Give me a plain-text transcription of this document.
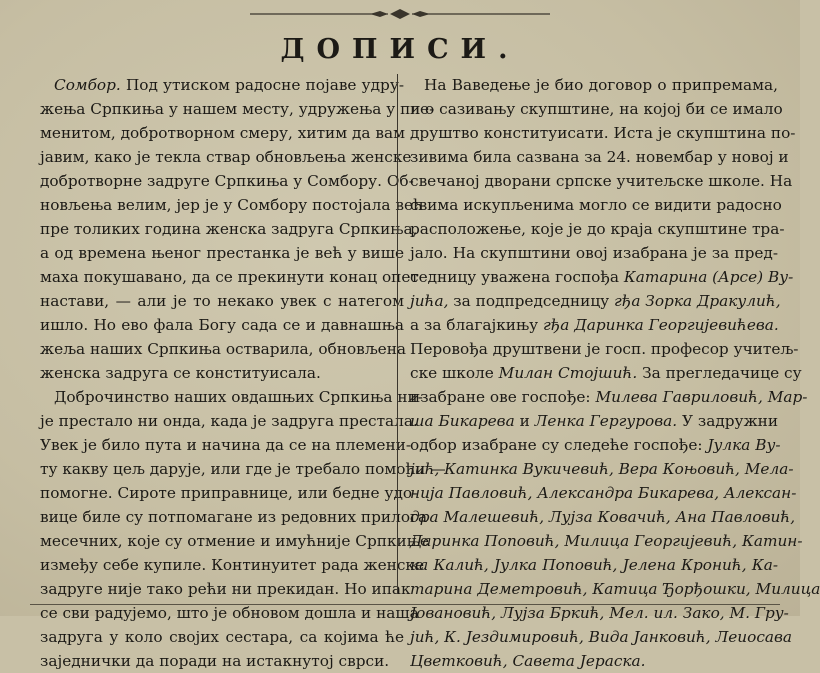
ДОПИСИ.
Сомбор. Под утиском радосне појаве удру-
жења Српкиња у нашем месту, удружења у пле-
менитом, добротворном смеру, хитим да вам
јавим, како је текла ствар обновљења женске
добротворне задруге Српкиња у Сомбору. Об-
новљења велим, јер је у Сомбору постојала већ
пре толиких година женска задруга Српкиња,
а од времена њеног престанка је већ у више
маха покушавано, да се прекинути конац опет
настави, — али је то некако увек с натегом
ишло. Но ево фала Богу сада се и давнашња
жеља наших Српкиња остварила, обновљена
женска задруга се конституисала.
Доброчинство наших овдашњих Српкиња ни-
је престало ни онда, када је задруга престала.
Увек је било пута и начина да се на племени-
ту какву цељ дарује, или где је требало помоћи —
помогне. Сироте приправнице, или бедне удо-
вице биле су потпомагане из редовних прилога
месечних, које су отмение и имућније Српкиње
између себе купиле. Континуитет рада женске
задруге није тако рећи ни прекидан. Но ипак
се сви радујемо, што је обновом дошла и наша
задруга у коло својих сестара, са којима ће
заједнички да поради на истакнутој сврси.
На Ваведење је био договор о припремама,
и о сазивању скупштине, на којој би се имало
друштво конституисати. Иста је скупштина по-
зивима била сазвана за 24. новембар у новој и
свечаној дворани српске учитељске школе. На
свима искупљенима могло се видити радосно
расположење, које је до краја скупштине тра-
јало. На скупштини овој изабрана је за пред-
седницу уважена госпођа Катарина (Арсе) Ву-
јића, за подпредседницу гђа Зорка Дракулић,
а за благајкињу гђа Даринка Георгијевићева.
Перовођа друштвени је госп. професор учитељ-
ске школе Милан Стојшић. За прегледачице су
изабране ове госпође: Милева Гавриловић, Мар-
ша Бикарева и Ленка Гергурова. У задружни
одбор изабране су следеће госпође: Јулка Ву-
јић, Катинка Вукичевић, Вера Коњовић, Мела-
нија Павловић, Александра Бикарева, Алексан-
дра Малешевић, Лујза Ковачић, Ана Павловић,
Даринка Поповић, Милица Георгијевић, Катин-
ка Калић, Јулка Поповић, Јелена Кронић, Ка-
тарина Деметровић, Катица Ђорђошки, Милица
Јовановић, Лујза Бркић, Мел. ил. Зако, М. Гру-
јић, К. Јездимировић, Вида Јанковић, Леиосава
Цветковић, Савета Јераска.
